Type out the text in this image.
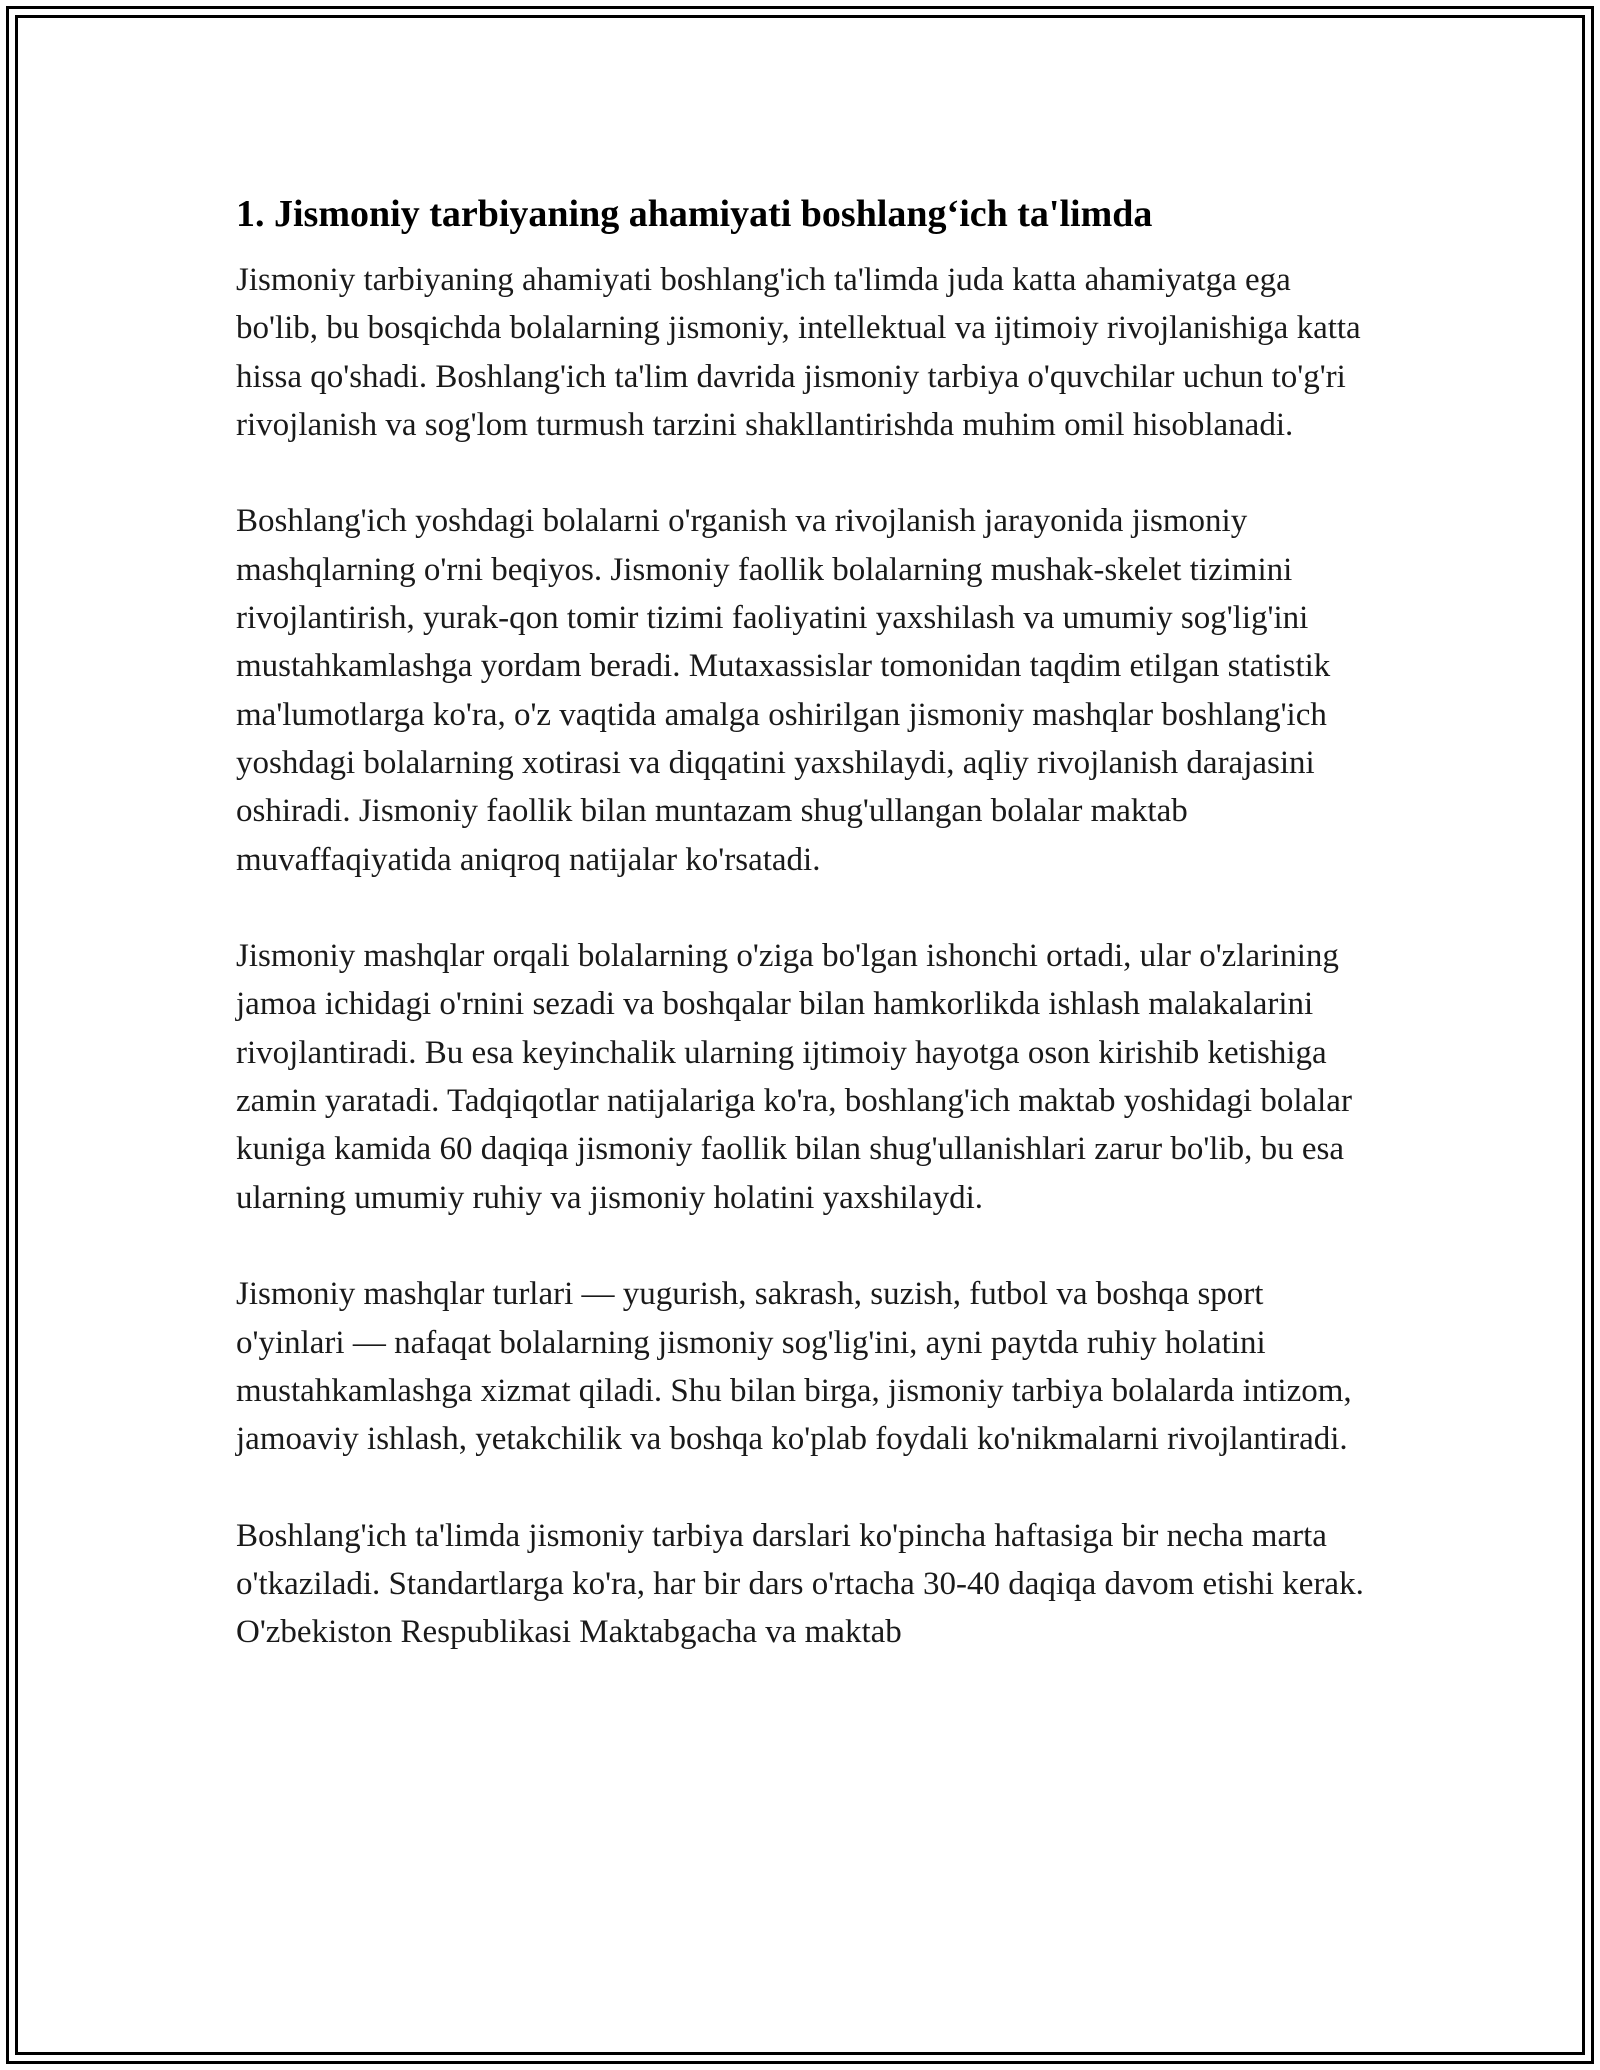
1. Jismoniy tarbiyaning ahamiyati boshlang‘ich ta'limda

Jismoniy tarbiyaning ahamiyati boshlang'ich ta'limda juda katta ahamiyatga ega bo'lib, bu bosqichda bolalarning jismoniy, intellektual va ijtimoiy rivojlanishiga katta hissa qo'shadi. Boshlang'ich ta'lim davrida jismoniy tarbiya o'quvchilar uchun to'g'ri rivojlanish va sog'lom turmush tarzini shakllantirishda muhim omil hisoblanadi.

Boshlang'ich yoshdagi bolalarni o'rganish va rivojlanish jarayonida jismoniy mashqlarning o'rni beqiyos. Jismoniy faollik bolalarning mushak-skelet tizimini rivojlantirish, yurak-qon tomir tizimi faoliyatini yaxshilash va umumiy sog'lig'ini mustahkamlashga yordam beradi. Mutaxassislar tomonidan taqdim etilgan statistik ma'lumotlarga ko'ra, o'z vaqtida amalga oshirilgan jismoniy mashqlar boshlang'ich yoshdagi bolalarning xotirasi va diqqatini yaxshilaydi, aqliy rivojlanish darajasini oshiradi. Jismoniy faollik bilan muntazam shug'ullangan bolalar maktab muvaffaqiyatida aniqroq natijalar ko'rsatadi.

Jismoniy mashqlar orqali bolalarning o'ziga bo'lgan ishonchi ortadi, ular o'zlarining jamoa ichidagi o'rnini sezadi va boshqalar bilan hamkorlikda ishlash malakalarini rivojlantiradi. Bu esa keyinchalik ularning ijtimoiy hayotga oson kirishib ketishiga zamin yaratadi. Tadqiqotlar natijalariga ko'ra, boshlang'ich maktab yoshidagi bolalar kuniga kamida 60 daqiqa jismoniy faollik bilan shug'ullanishlari zarur bo'lib, bu esa ularning umumiy ruhiy va jismoniy holatini yaxshilaydi.

Jismoniy mashqlar turlari — yugurish, sakrash, suzish, futbol va boshqa sport o'yinlari — nafaqat bolalarning jismoniy sog'lig'ini, ayni paytda ruhiy holatini mustahkamlashga xizmat qiladi. Shu bilan birga, jismoniy tarbiya bolalarda intizom, jamoaviy ishlash, yetakchilik va boshqa ko'plab foydali ko'nikmalarni rivojlantiradi.

Boshlang'ich ta'limda jismoniy tarbiya darslari ko'pincha haftasiga bir necha marta o'tkaziladi. Standartlarga ko'ra, har bir dars o'rtacha 30-40 daqiqa davom etishi kerak. O'zbekiston Respublikasi Maktabgacha va maktab
